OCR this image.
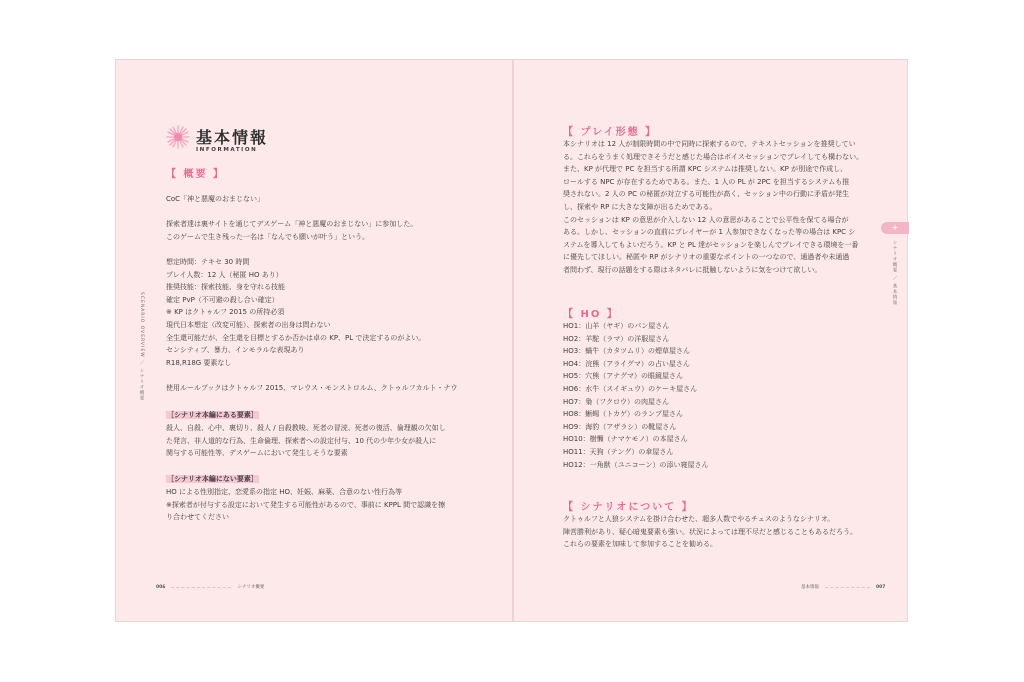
基本情報
INFORMATION
SCENARIO OVERVIEW ／ シナリオ概要
【 概要 】
CoC「神と悪魔のおまじない」
探索者達は裏サイトを通じてデスゲーム「神と悪魔のおまじない」に参加した。
このゲームで生き残った一名は「なんでも願いが叶う」という。
想定時間：テキセ 30 時間
プレイ人数：12 人（秘匿 HO あり）
推奨技能：探索技能、身を守れる技能
確定 PvP（不可避の殺し合い確定）
※ KP はクトゥルフ 2015 の所持必須
現代日本想定（改変可能）、探索者の出身は問わない
全生還可能だが、全生還を目標とするか否かは卓の KP、PL で決定するのがよい。
センシティブ、暴力、インモラルな表現あり
R18,R18G 要素なし
使用ルールブックはクトゥルフ 2015、マレウス・モンストロルム、クトゥルフカルト・ナウ
［シナリオ本編にある要素］
殺人、自殺、心中、裏切り、殺人 / 自殺教唆、死者の冒涜、死者の復活、倫理観の欠如し
た発言、非人道的な行為、生命倫理、探索者への設定付与、10 代の少年少女が殺人に
関与する可能性等、デスゲームにおいて発生しそうな要素
［シナリオ本編にない要素］
HO による性別指定、恋愛系の指定 HO、妊娠、麻薬、合意のない性行為等
※探索者が付与する設定において発生する可能性があるので、事前に KPPL 間で認識を擦
り合わせてください
006	シナリオ概要
+
シナリオ概要 ／ 基本情報
【 プレイ形態 】
本シナリオは 12 人が制限時間の中で同時に探索するので、テキストセッションを推奨してい
る。これらをうまく処理できそうだと感じた場合はボイスセッションでプレイしても構わない。
また、KP が代理で PC を担当する所謂 KPC システムは推奨しない。KP が別途で作成し、
ロールする NPC が存在するためである。また、1 人の PL が 2PC を担当するシステムも推
奨されない。2 人の PC の秘匿が対立する可能性が高く、セッション中の行動に矛盾が発生
し、探索や RP に大きな支障が出るためである。
このセッションは KP の意思が介入しない 12 人の意思があることで公平性を保てる場合が
ある。しかし、セッションの直前にプレイヤーが 1 人参加できなくなった等の場合は KPC シ
ステムを導入してもよいだろう。KP と PL 達がセッションを楽しんでプレイできる環境を一番
に優先してほしい。秘匿や RP がシナリオの重要なポイントの一つなので、通過者や未通過
者問わず、現行の話題をする際はネタバレに抵触しないように気をつけて欲しい。
【 HO 】
HO1：山羊（ヤギ）のパン屋さん
HO2：羊駝（ラマ）の洋服屋さん
HO3：蝸牛（カタツムリ）の煙草屋さん
HO4：浣熊（アライグマ）の占い屋さん
HO5：穴熊（アナグマ）の眼鏡屋さん
HO6：水牛（スイギュウ）のケーキ屋さん
HO7：梟（フクロウ）の肉屋さん
HO8：蜥蜴（トカゲ）のランプ屋さん
HO9：海豹（アザラシ）の靴屋さん
HO10：樹懶（ナマケモノ）の本屋さん
HO11：天狗（テング）の傘屋さん
HO12：一角獣（ユニコーン）の添い寝屋さん
【 シナリオについて 】
クトゥルフと人狼システムを掛け合わせた、超多人数でやるチェスのようなシナリオ。
陣営勝利があり、疑心暗鬼要素も強い。状況によっては理不尽だと感じることもあるだろう。
これらの要素を加味して参加することを勧める。
基本情報	007
